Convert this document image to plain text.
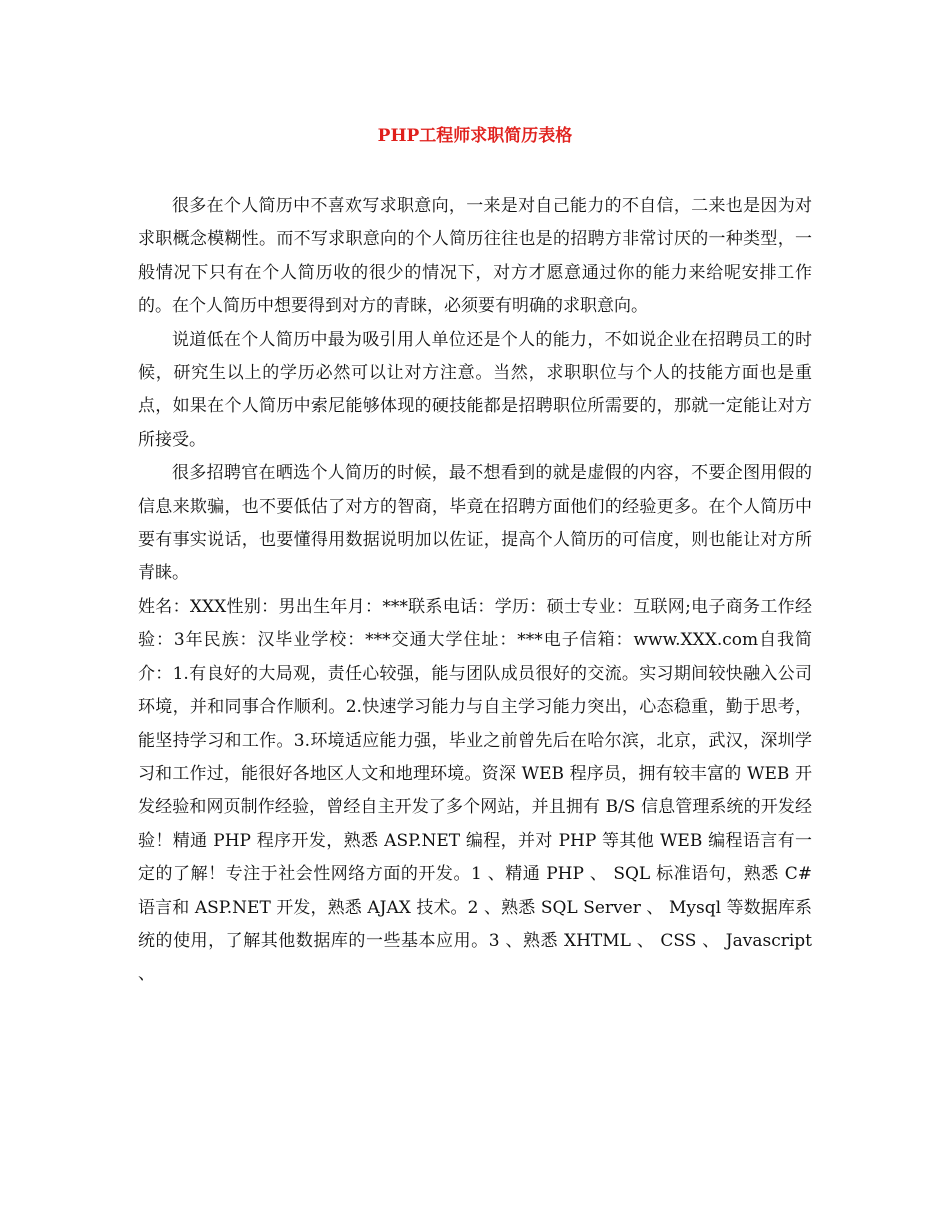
PHP工程师求职简历表格

很多在个人简历中不喜欢写求职意向，一来是对自己能力的不自信，二来也是因为对求职概念模糊性。而不写求职意向的个人简历往往也是的招聘方非常讨厌的一种类型，一般情况下只有在个人简历收的很少的情况下，对方才愿意通过你的能力来给呢安排工作的。在个人简历中想要得到对方的青睐，必须要有明确的求职意向。

说道低在个人简历中最为吸引用人单位还是个人的能力，不如说企业在招聘员工的时候，研究生以上的学历必然可以让对方注意。当然，求职职位与个人的技能方面也是重点，如果在个人简历中索尼能够体现的硬技能都是招聘职位所需要的，那就一定能让对方所接受。

很多招聘官在晒选个人简历的时候，最不想看到的就是虚假的内容，不要企图用假的信息来欺骗，也不要低估了对方的智商，毕竟在招聘方面他们的经验更多。在个人简历中要有事实说话，也要懂得用数据说明加以佐证，提高个人简历的可信度，则也能让对方所青睐。

姓名：XXX性别：男出生年月：***联系电话：学历：硕士专业：互联网;电子商务工作经验：3年民族：汉毕业学校：***交通大学住址：***电子信箱：www.XXX.com自我简介：1.有良好的大局观，责任心较强，能与团队成员很好的交流。实习期间较快融入公司环境，并和同事合作顺利。2.快速学习能力与自主学习能力突出，心态稳重，勤于思考，能坚持学习和工作。3.环境适应能力强，毕业之前曾先后在哈尔滨，北京，武汉，深圳学习和工作过，能很好各地区人文和地理环境。资深 WEB 程序员，拥有较丰富的 WEB 开发经验和网页制作经验，曾经自主开发了多个网站，并且拥有 B/S 信息管理系统的开发经验！精通 PHP 程序开发，熟悉 ASP.NET 编程，并对 PHP 等其他 WEB 编程语言有一定的了解！专注于社会性网络方面的开发。1 、精通 PHP 、 SQL 标准语句，熟悉 C# 语言和 ASP.NET 开发，熟悉 AJAX 技术。2 、熟悉 SQL Server 、 Mysql 等数据库系统的使用，了解其他数据库的一些基本应用。3 、熟悉 XHTML 、 CSS 、 Javascript 、
